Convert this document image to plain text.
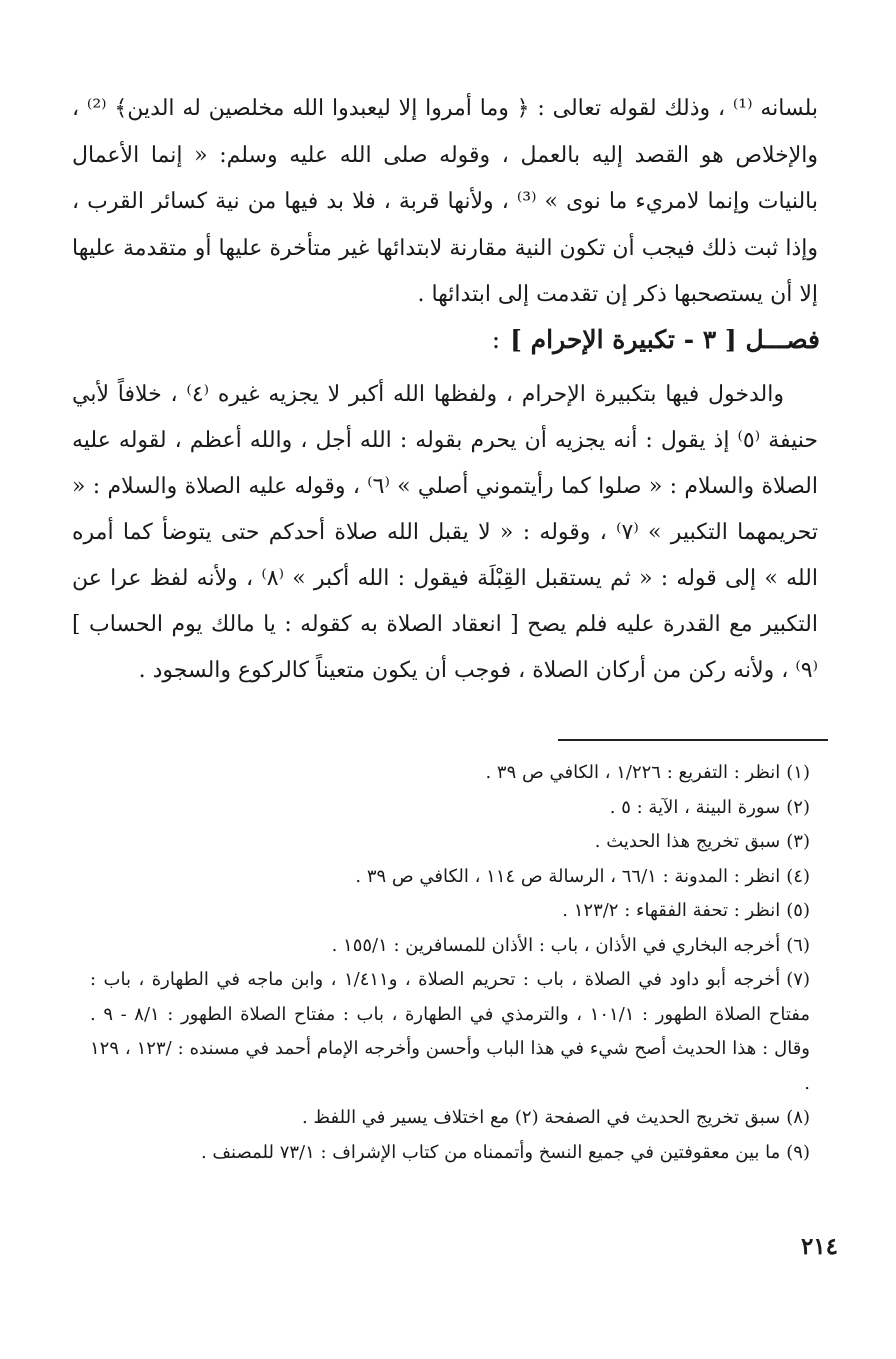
بلسانه ⁽¹⁾ ، وذلك لقوله تعالى : ﴿ وما أمروا إلا ليعبدوا الله مخلصين له الدين﴾ ⁽²⁾ ، والإخلاص هو القصد إليه بالعمل ، وقوله صلى الله عليه وسلم: « إنما الأعمال بالنيات وإنما لامريء ما نوى » ⁽³⁾ ، ولأنها قربة ، فلا بد فيها من نية كسائر القرب ، وإذا ثبت ذلك فيجب أن تكون النية مقارنة لابتدائها غير متأخرة عليها أو متقدمة عليها إلا أن يستصحبها ذكر إن تقدمت إلى ابتدائها .

فصـــل [ ٣ - تكبيرة الإحرام ]:

والدخول فيها بتكبيرة الإحرام ، ولفظها الله أكبر لا يجزيه غيره ⁽٤⁾ ، خلافاً لأبي حنيفة ⁽٥⁾ إذ يقول : أنه يجزيه أن يحرم بقوله : الله أجل ، والله أعظم ، لقوله عليه الصلاة والسلام : « صلوا كما رأيتموني أصلي » ⁽٦⁾ ، وقوله عليه الصلاة والسلام : « تحريمهما التكبير » ⁽٧⁾ ، وقوله : « لا يقبل الله صلاة أحدكم حتى يتوضأ كما أمره الله » إلى قوله : « ثم يستقبل القِبْلَة فيقول : الله أكبر » ⁽٨⁾ ، ولأنه لفظ عرا عن التكبير مع القدرة عليه فلم يصح [ انعقاد الصلاة به كقوله : يا مالك يوم الحساب ] ⁽٩⁾ ، ولأنه ركن من أركان الصلاة ، فوجب أن يكون متعيناً كالركوع والسجود .

(١)انظر : التفريع : ١/٢٢٦ ، الكافي ص ٣٩ .

(٢)سورة البينة ، الآية : ٥ .

(٣)سبق تخريج هذا الحديث .

(٤)انظر : المدونة : ٦٦/١ ، الرسالة ص ١١٤ ، الكافي ص ٣٩ .

(٥)انظر : تحفة الفقهاء : ١٢٣/٢ .

(٦)أخرجه البخاري في الأذان ، باب : الأذان للمسافرين : ١٥٥/١ .

(٧)أخرجه أبو داود في الصلاة ، باب : تحريم الصلاة ، و١/٤١١ ، وابن ماجه في الطهارة ، باب : مفتاح الصلاة الطهور : ١٠١/١ ، والترمذي في الطهارة ، باب : مفتاح الصلاة الطهور : ٨/١ - ٩ . وقال : هذا الحديث أصح شيء في هذا الباب وأحسن وأخرجه الإمام أحمد في مسنده : /١٢٣ ، ١٢٩ .

(٨)سبق تخريج الحديث في الصفحة (٢) مع اختلاف يسير في اللفظ .

(٩)ما بين معقوفتين في جميع النسخ وأتممناه من كتاب الإشراف : ٧٣/١ للمصنف .

٢١٤
